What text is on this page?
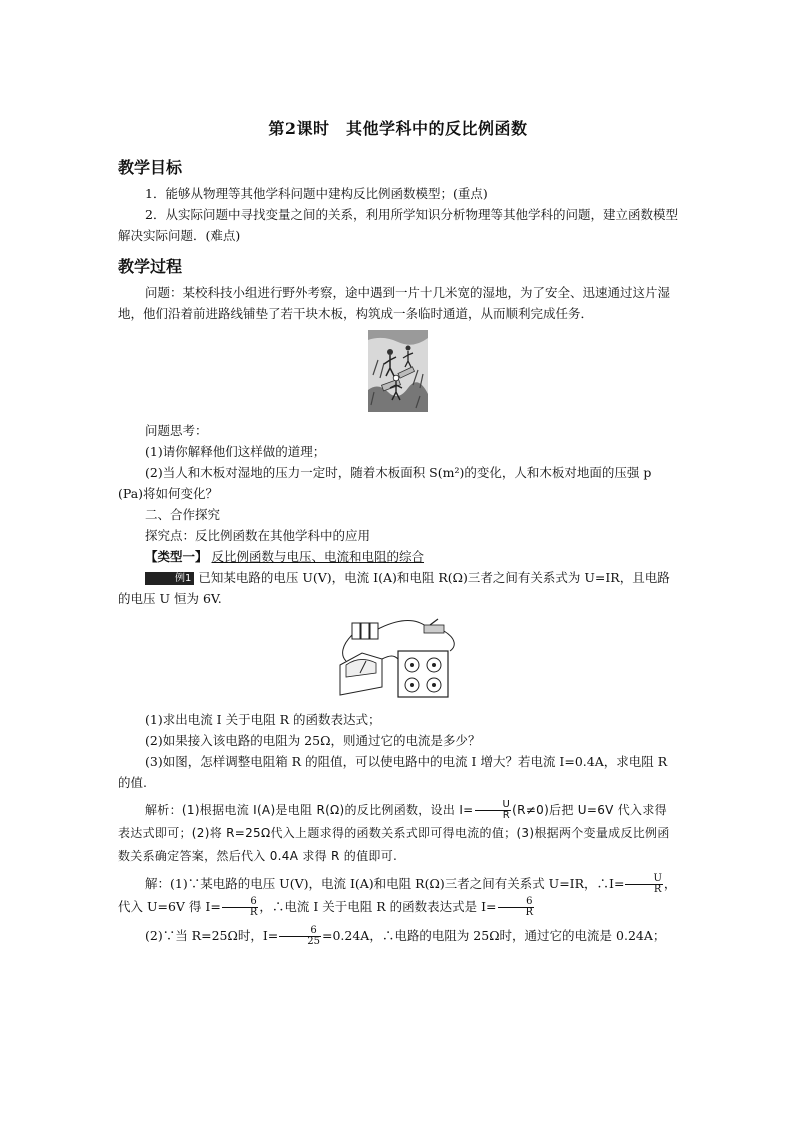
第2课时　其他学科中的反比例函数
教学目标

1．能够从物理等其他学科问题中建构反比例函数模型；(重点)

2．从实际问题中寻找变量之间的关系，利用所学知识分析物理等其他学科的问题，建立函数模型解决实际问题．(难点)

教学过程

问题：某校科技小组进行野外考察，途中遇到一片十几米宽的湿地，为了安全、迅速通过这片湿地，他们沿着前进路线铺垫了若干块木板，构筑成一条临时通道，从而顺利完成任务．

问题思考：

(1)请你解释他们这样做的道理；

(2)当人和木板对湿地的压力一定时，随着木板面积 S(m²)的变化，人和木板对地面的压强 p (Pa)将如何变化？

二、合作探究

探究点：反比例函数在其他学科中的应用

【类型一】 反比例函数与电压、电流和电阻的综合

例1 已知某电路的电压 U(V)，电流 I(A)和电阻 R(Ω)三者之间有关系式为 U=IR，且电路的电压 U 恒为 6V.

(1)求出电流 I 关于电阻 R 的函数表达式；

(2)如果接入该电路的电阻为 25Ω，则通过它的电流是多少？

(3)如图，怎样调整电阻箱 R 的阻值，可以使电路中的电流 I 增大？若电流 I=0.4A，求电阻 R 的值.

解析：(1)根据电流 I(A)是电阻 R(Ω)的反比例函数，设出 $I= \frac{U}{R} (R\ne 0)$后把 U=6V 代入求得表达式即可；(2)将 R=25Ω代入上题求得的函数关系式即可得电流的值；(3)根据两个变量成反比例函数关系确定答案，然后代入 0.4A 求得 R 的值即可.

解：(1)∵某电路的电压 U(V)，电流 I(A)和电阻 R(Ω)三者之间有关系式 U=IR，∴I= $\frac{U}{R}$ ，代入 U=6V 得 $I= \frac{6}{R}$ ，∴电流 I 关于电阻 R 的函数表达式是 $I= \frac{6}{R}$

(2)∵当 R=25Ω时，$I= \frac{6}{25} =0.24A$，∴电路的电阻为 25Ω时，通过它的电流是 0.24A；
